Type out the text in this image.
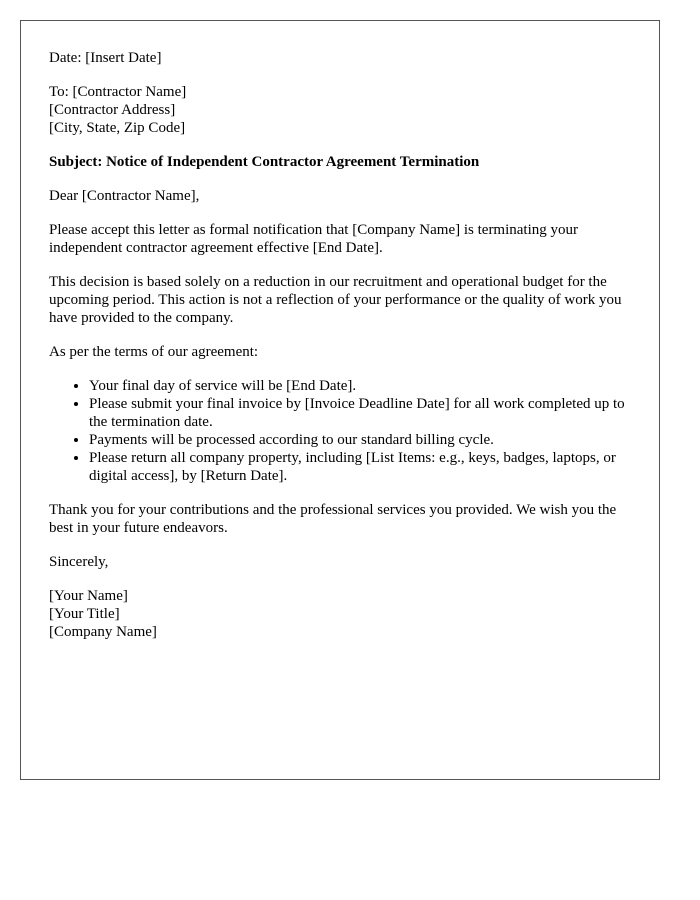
Date: [Insert Date]

To: [Contractor Name]
[Contractor Address]
[City, State, Zip Code]

Subject: Notice of Independent Contractor Agreement Termination

Dear [Contractor Name],

Please accept this letter as formal notification that [Company Name] is terminating your independent contractor agreement effective [End Date].

This decision is based solely on a reduction in our recruitment and operational budget for the upcoming period. This action is not a reflection of your performance or the quality of work you have provided to the company.

As per the terms of our agreement:

• Your final day of service will be [End Date].
• Please submit your final invoice by [Invoice Deadline Date] for all work completed up to the termination date.
• Payments will be processed according to our standard billing cycle.
• Please return all company property, including [List Items: e.g., keys, badges, laptops, or digital access], by [Return Date].

Thank you for your contributions and the professional services you provided. We wish you the best in your future endeavors.

Sincerely,

[Your Name]
[Your Title]
[Company Name]
